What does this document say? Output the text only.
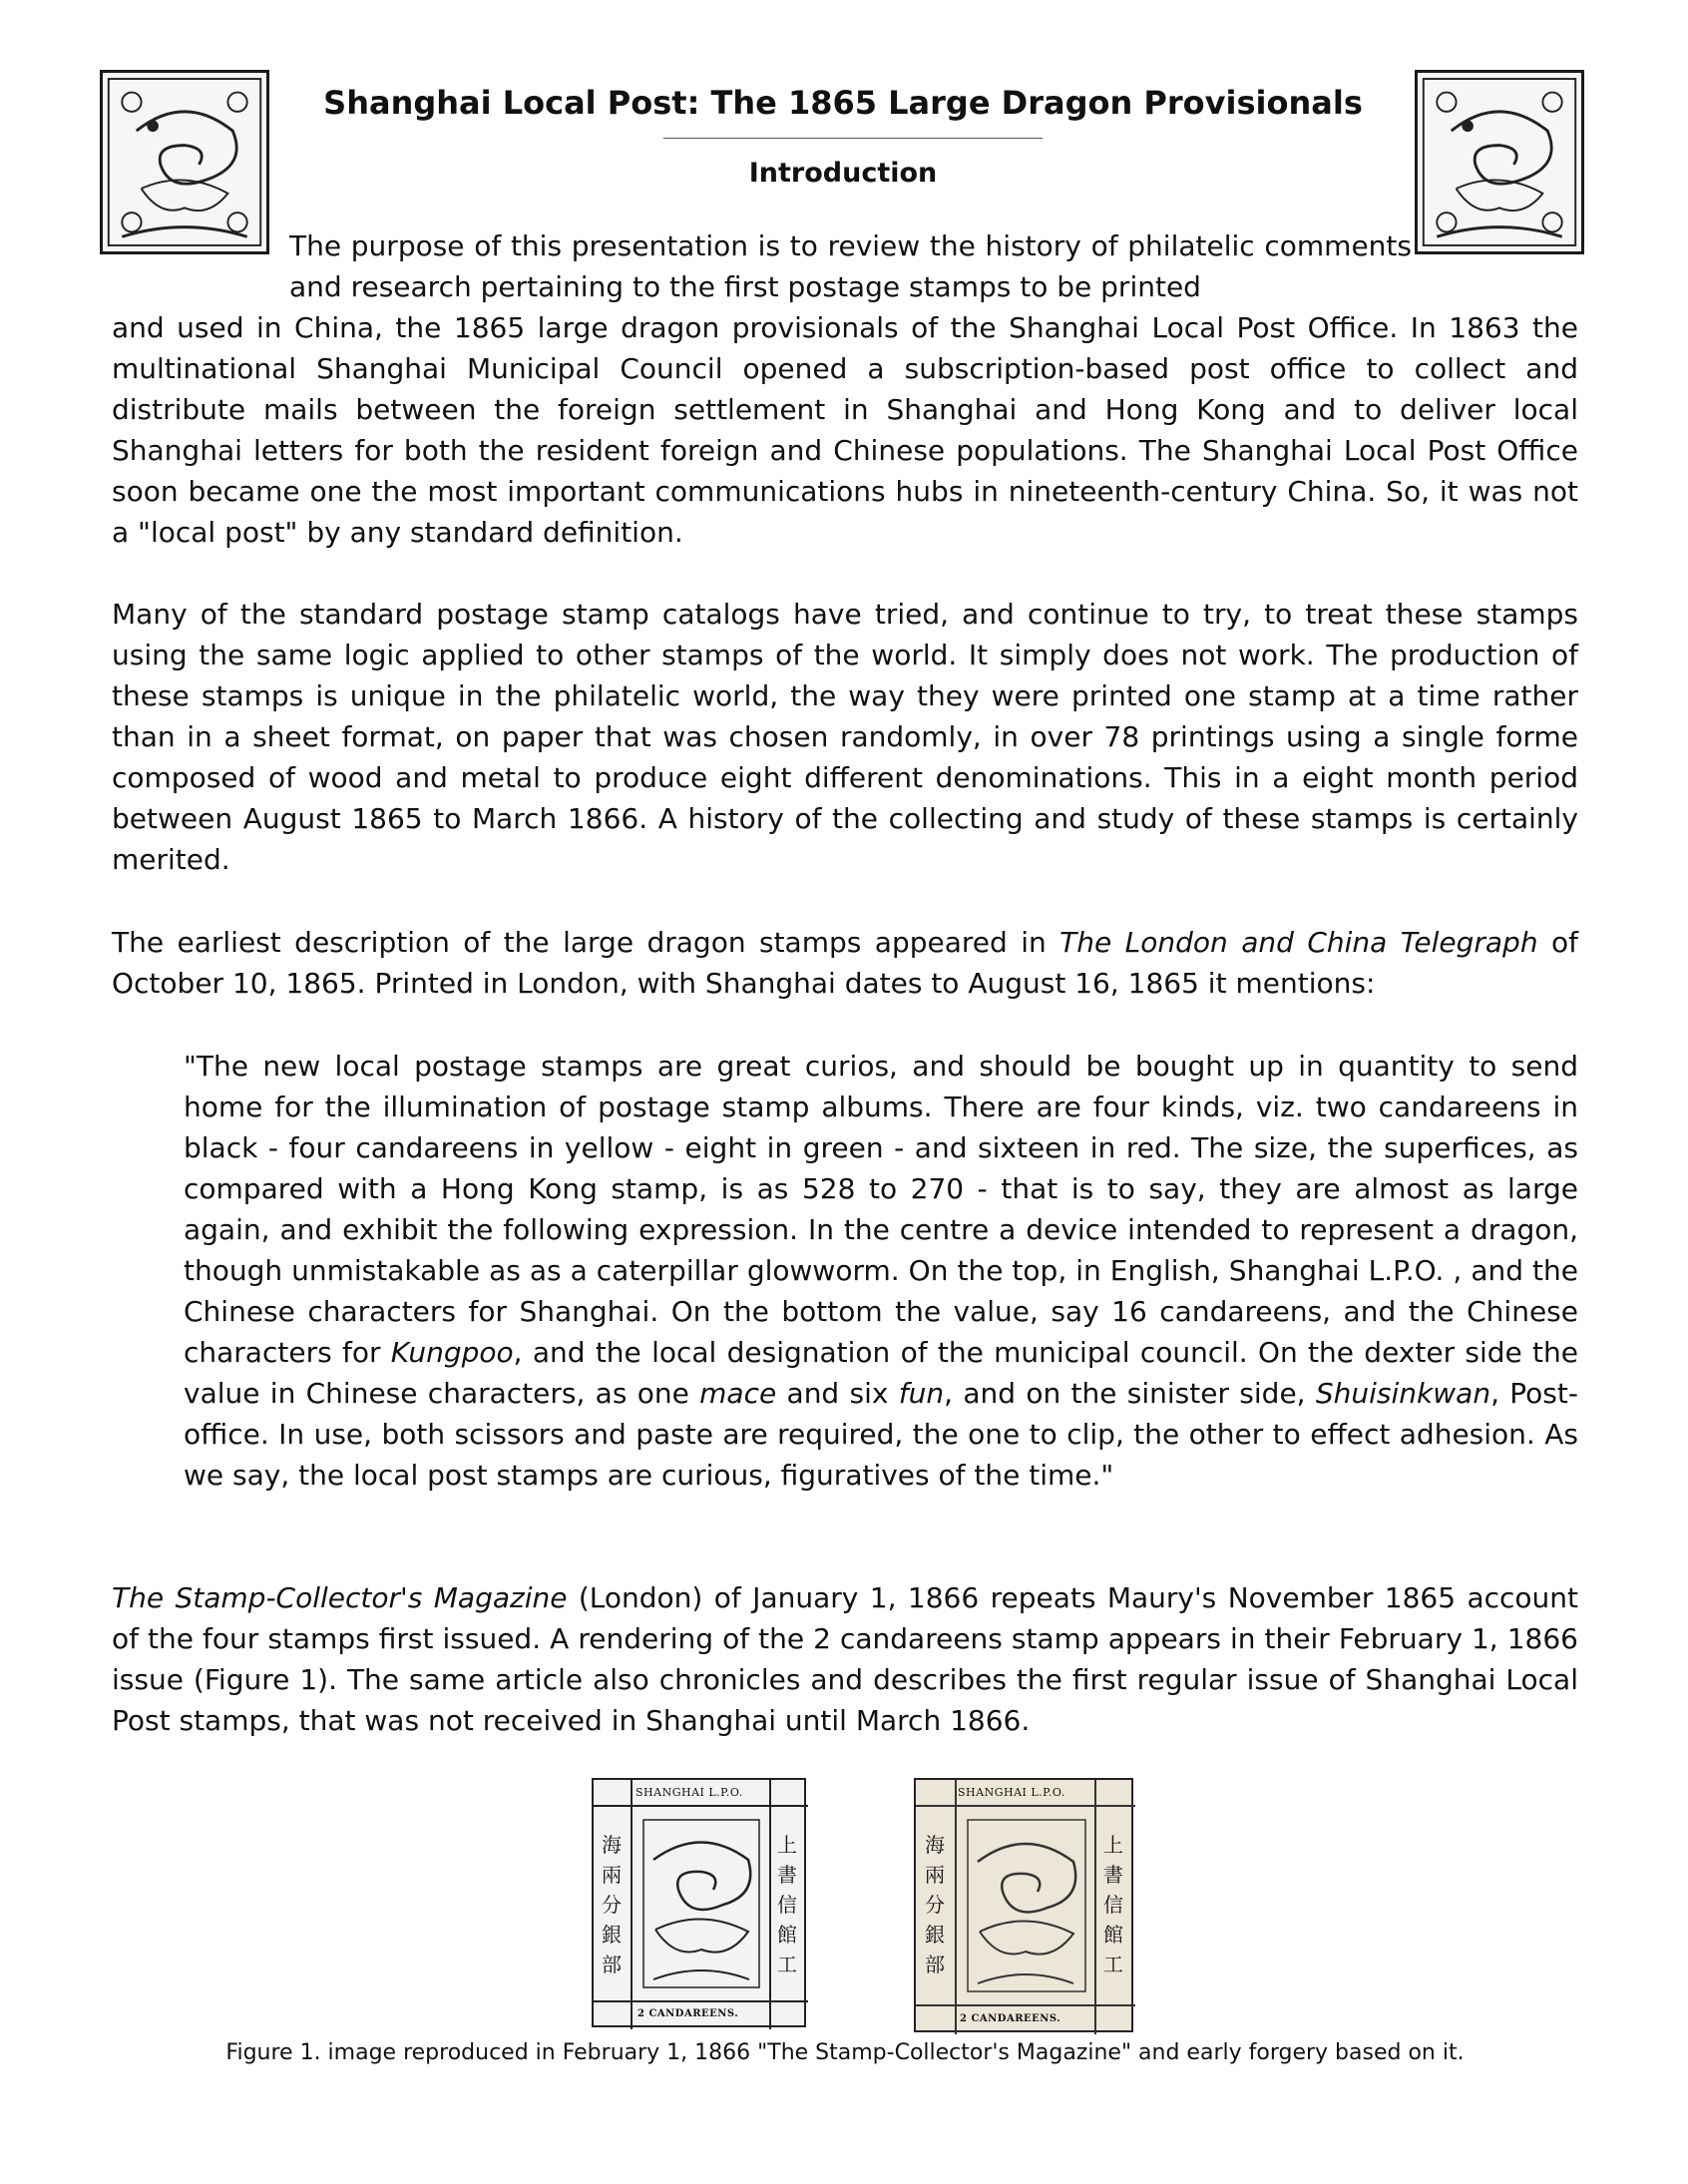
Shanghai Local Post: The 1865 Large Dragon Provisionals
Introduction

The purpose of this presentation is to review the history of philatelic comments and research pertaining to the first postage stamps to be printed

and used in China, the 1865 large dragon provisionals of the Shanghai Local Post Office. In 1863 the multinational Shanghai Municipal Council opened a subscription-based post office to collect and distribute mails between the foreign settlement in Shanghai and Hong Kong and to deliver local Shanghai letters for both the resident foreign and Chinese populations. The Shanghai Local Post Office soon became one the most important communications hubs in nineteenth-century China. So, it was not a "local post" by any standard definition.

Many of the standard postage stamp catalogs have tried, and continue to try, to treat these stamps using the same logic applied to other stamps of the world. It simply does not work. The production of these stamps is unique in the philatelic world, the way they were printed one stamp at a time rather than in a sheet format, on paper that was chosen randomly, in over 78 printings using a single forme composed of wood and metal to produce eight different denominations. This in a eight month period between August 1865 to March 1866. A history of the collecting and study of these stamps is certainly merited.

The earliest description of the large dragon stamps appeared in The London and China Telegraph of October 10, 1865. Printed in London, with Shanghai dates to August 16, 1865 it mentions:

"The new local postage stamps are great curios, and should be bought up in quantity to send home for the illumination of postage stamp albums. There are four kinds, viz. two candareens in black - four candareens in yellow - eight in green - and sixteen in red. The size, the superfices, as compared with a Hong Kong stamp, is as 528 to 270 - that is to say, they are almost as large again, and exhibit the following expression. In the centre a device intended to represent a dragon, though unmistakable as as a caterpillar glowworm. On the top, in English, Shanghai L.P.O. , and the Chinese characters for Shanghai. On the bottom the value, say 16 candareens, and the Chinese characters for Kungpoo, and the local designation of the municipal council. On the dexter side the value in Chinese characters, as one mace and six fun, and on the sinister side, Shuisinkwan, Post-office. In use, both scissors and paste are required, the one to clip, the other to effect adhesion. As we say, the local post stamps are curious, figuratives of the time."

The Stamp-Collector's Magazine (London) of January 1, 1866 repeats Maury's November 1865 account of the four stamps first issued. A rendering of the 2 candareens stamp appears in their February 1, 1866 issue (Figure 1). The same article also chronicles and describes the first regular issue of Shanghai Local Post stamps, that was not received in Shanghai until March 1866.

SHANGHAI L.P.O.
2 CANDAREENS.
海 兩 分 銀 部
上 書 信 館 工
SHANGHAI L.P.O.
2 CANDAREENS.
海 兩 分 銀 部
上 書 信 館 工

Figure 1. image reproduced in February 1, 1866 "The Stamp-Collector's Magazine" and early forgery based on it.
